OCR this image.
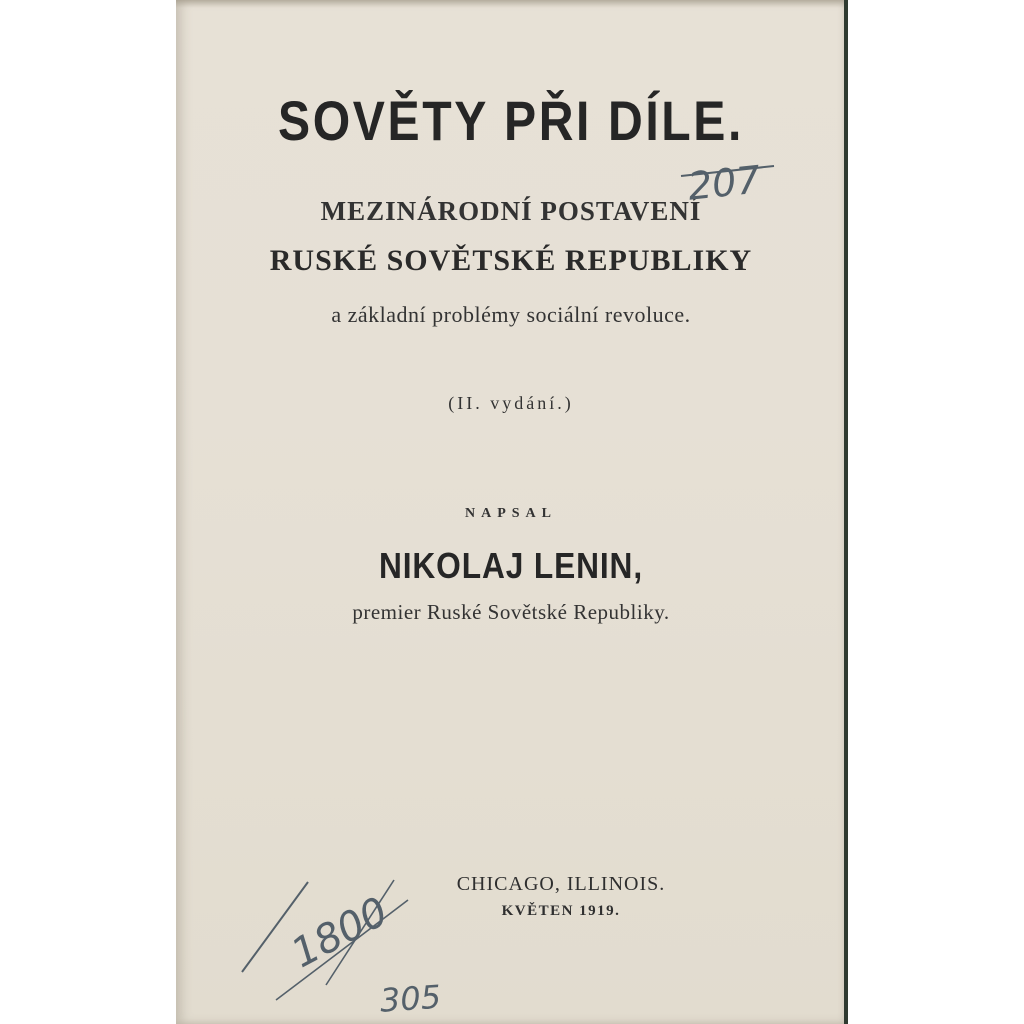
SOVĚTY PŘI DÍLE.
MEZINÁRODNÍ POSTAVENÍ
RUSKÉ SOVĚTSKÉ REPUBLIKY
a základní problémy sociální revoluce.
(II. vydání.)
NAPSAL
NIKOLAJ LENIN,
premier Ruské Sovětské Republiky.
CHICAGO, ILLINOIS.
KVĚTEN 1919.
207
1800
305
